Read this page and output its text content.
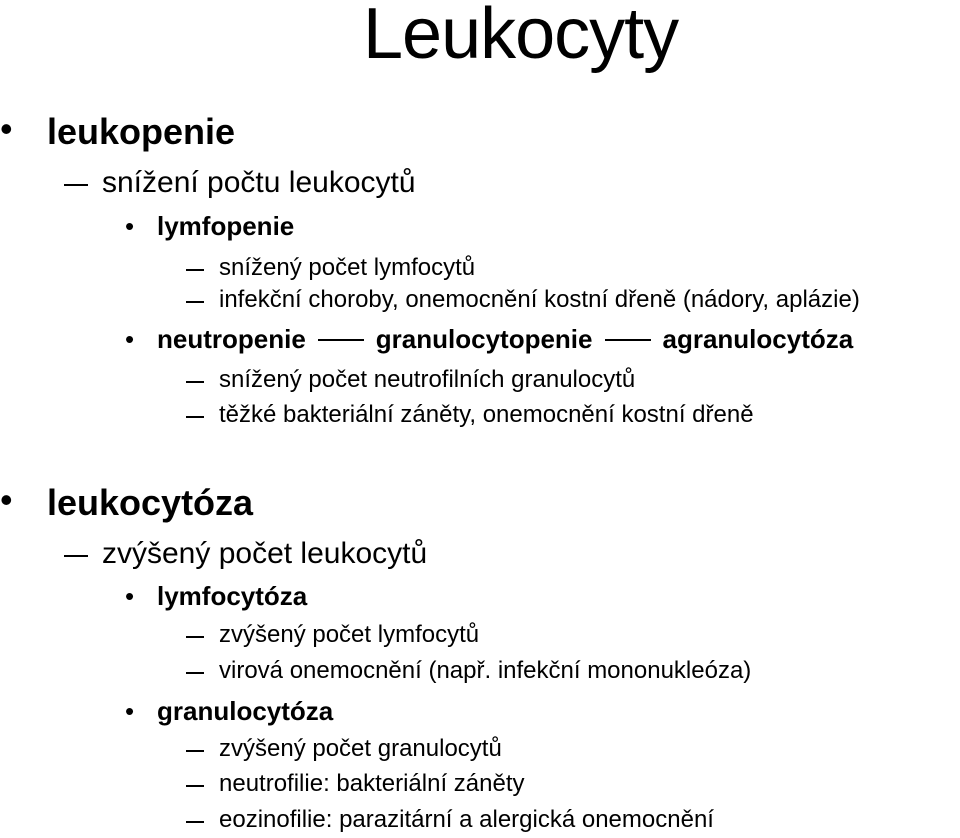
Leukocyty
• leukopenie
snížení počtu leukocytů
• lymfopenie
snížený počet lymfocytů
infekční choroby, onemocnění kostní dřeně (nádory, aplázie)
• neutropenie	granulocytopenie	agranulocytóza
snížený počet neutrofilních granulocytů
těžké bakteriální záněty, onemocnění kostní dřeně
• leukocytóza
zvýšený počet leukocytů
• lymfocytóza
zvýšený počet lymfocytů
virová onemocnění (např. infekční mononukleóza)
• granulocytóza
zvýšený počet granulocytů
neutrofilie: bakteriální záněty
eozinofilie: parazitární a alergická onemocnění
